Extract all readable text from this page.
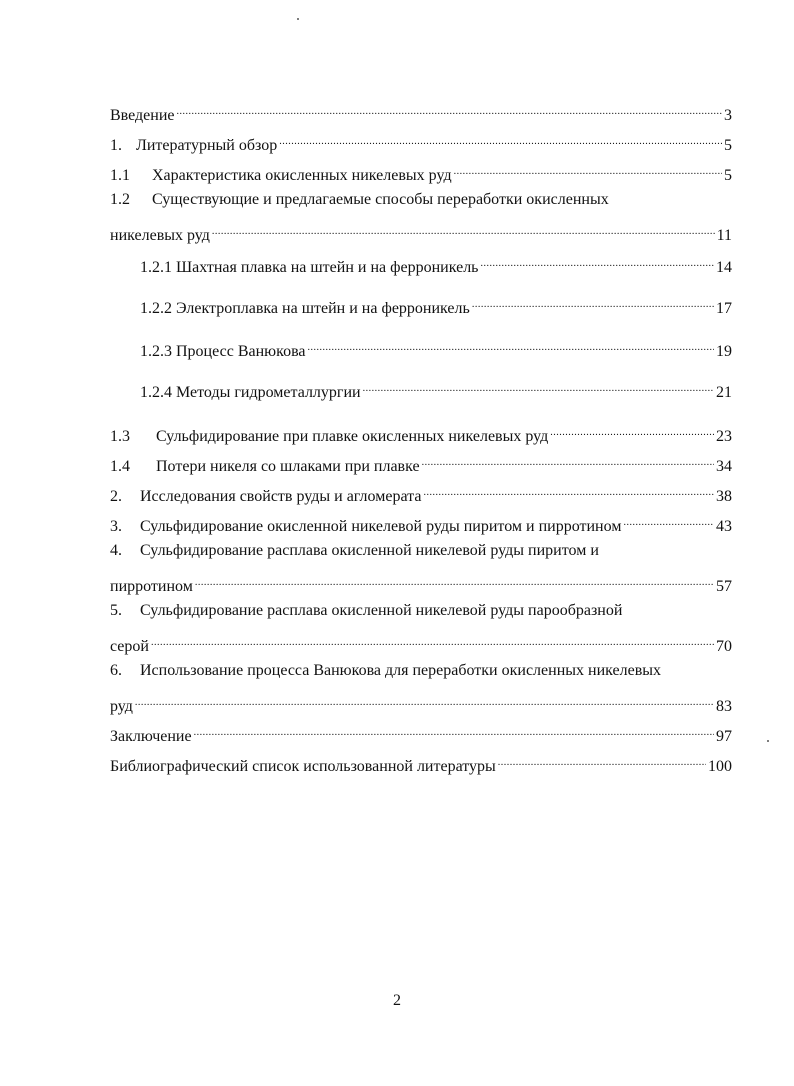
Введение .....	3
1. Литературный обзор .....	5
1.1	Характеристика окисленных никелевых руд .....	5
1.2 Существующие и предлагаемые способы переработки окисленных
никелевых руд .....	11
1.2.1 Шахтная плавка на штейн и на ферроникель .....	14
1.2.2 Электроплавка на штейн и на ферроникель .....	17
1.2.3 Процесс Ванюкова .....	19
1.2.4 Методы гидрометаллургии .....	21
1.3	Сульфидирование при плавке окисленных никелевых руд .....	23
1.4	Потери никеля со шлаками при плавке .....	34
2.	Исследования свойств руды и агломерата .....	38
3.	Сульфидирование окисленной никелевой руды пиритом и пирротином .....	43
4. Сульфидирование расплава окисленной никелевой руды пиритом и
пирротином .....	57
5. Сульфидирование расплава окисленной никелевой руды парообразной
серой .....	70
6. Использование процесса Ванюкова для переработки окисленных никелевых
руд .....	83
Заключение .....	97
Библиографический список использованной литературы .....	100
2
